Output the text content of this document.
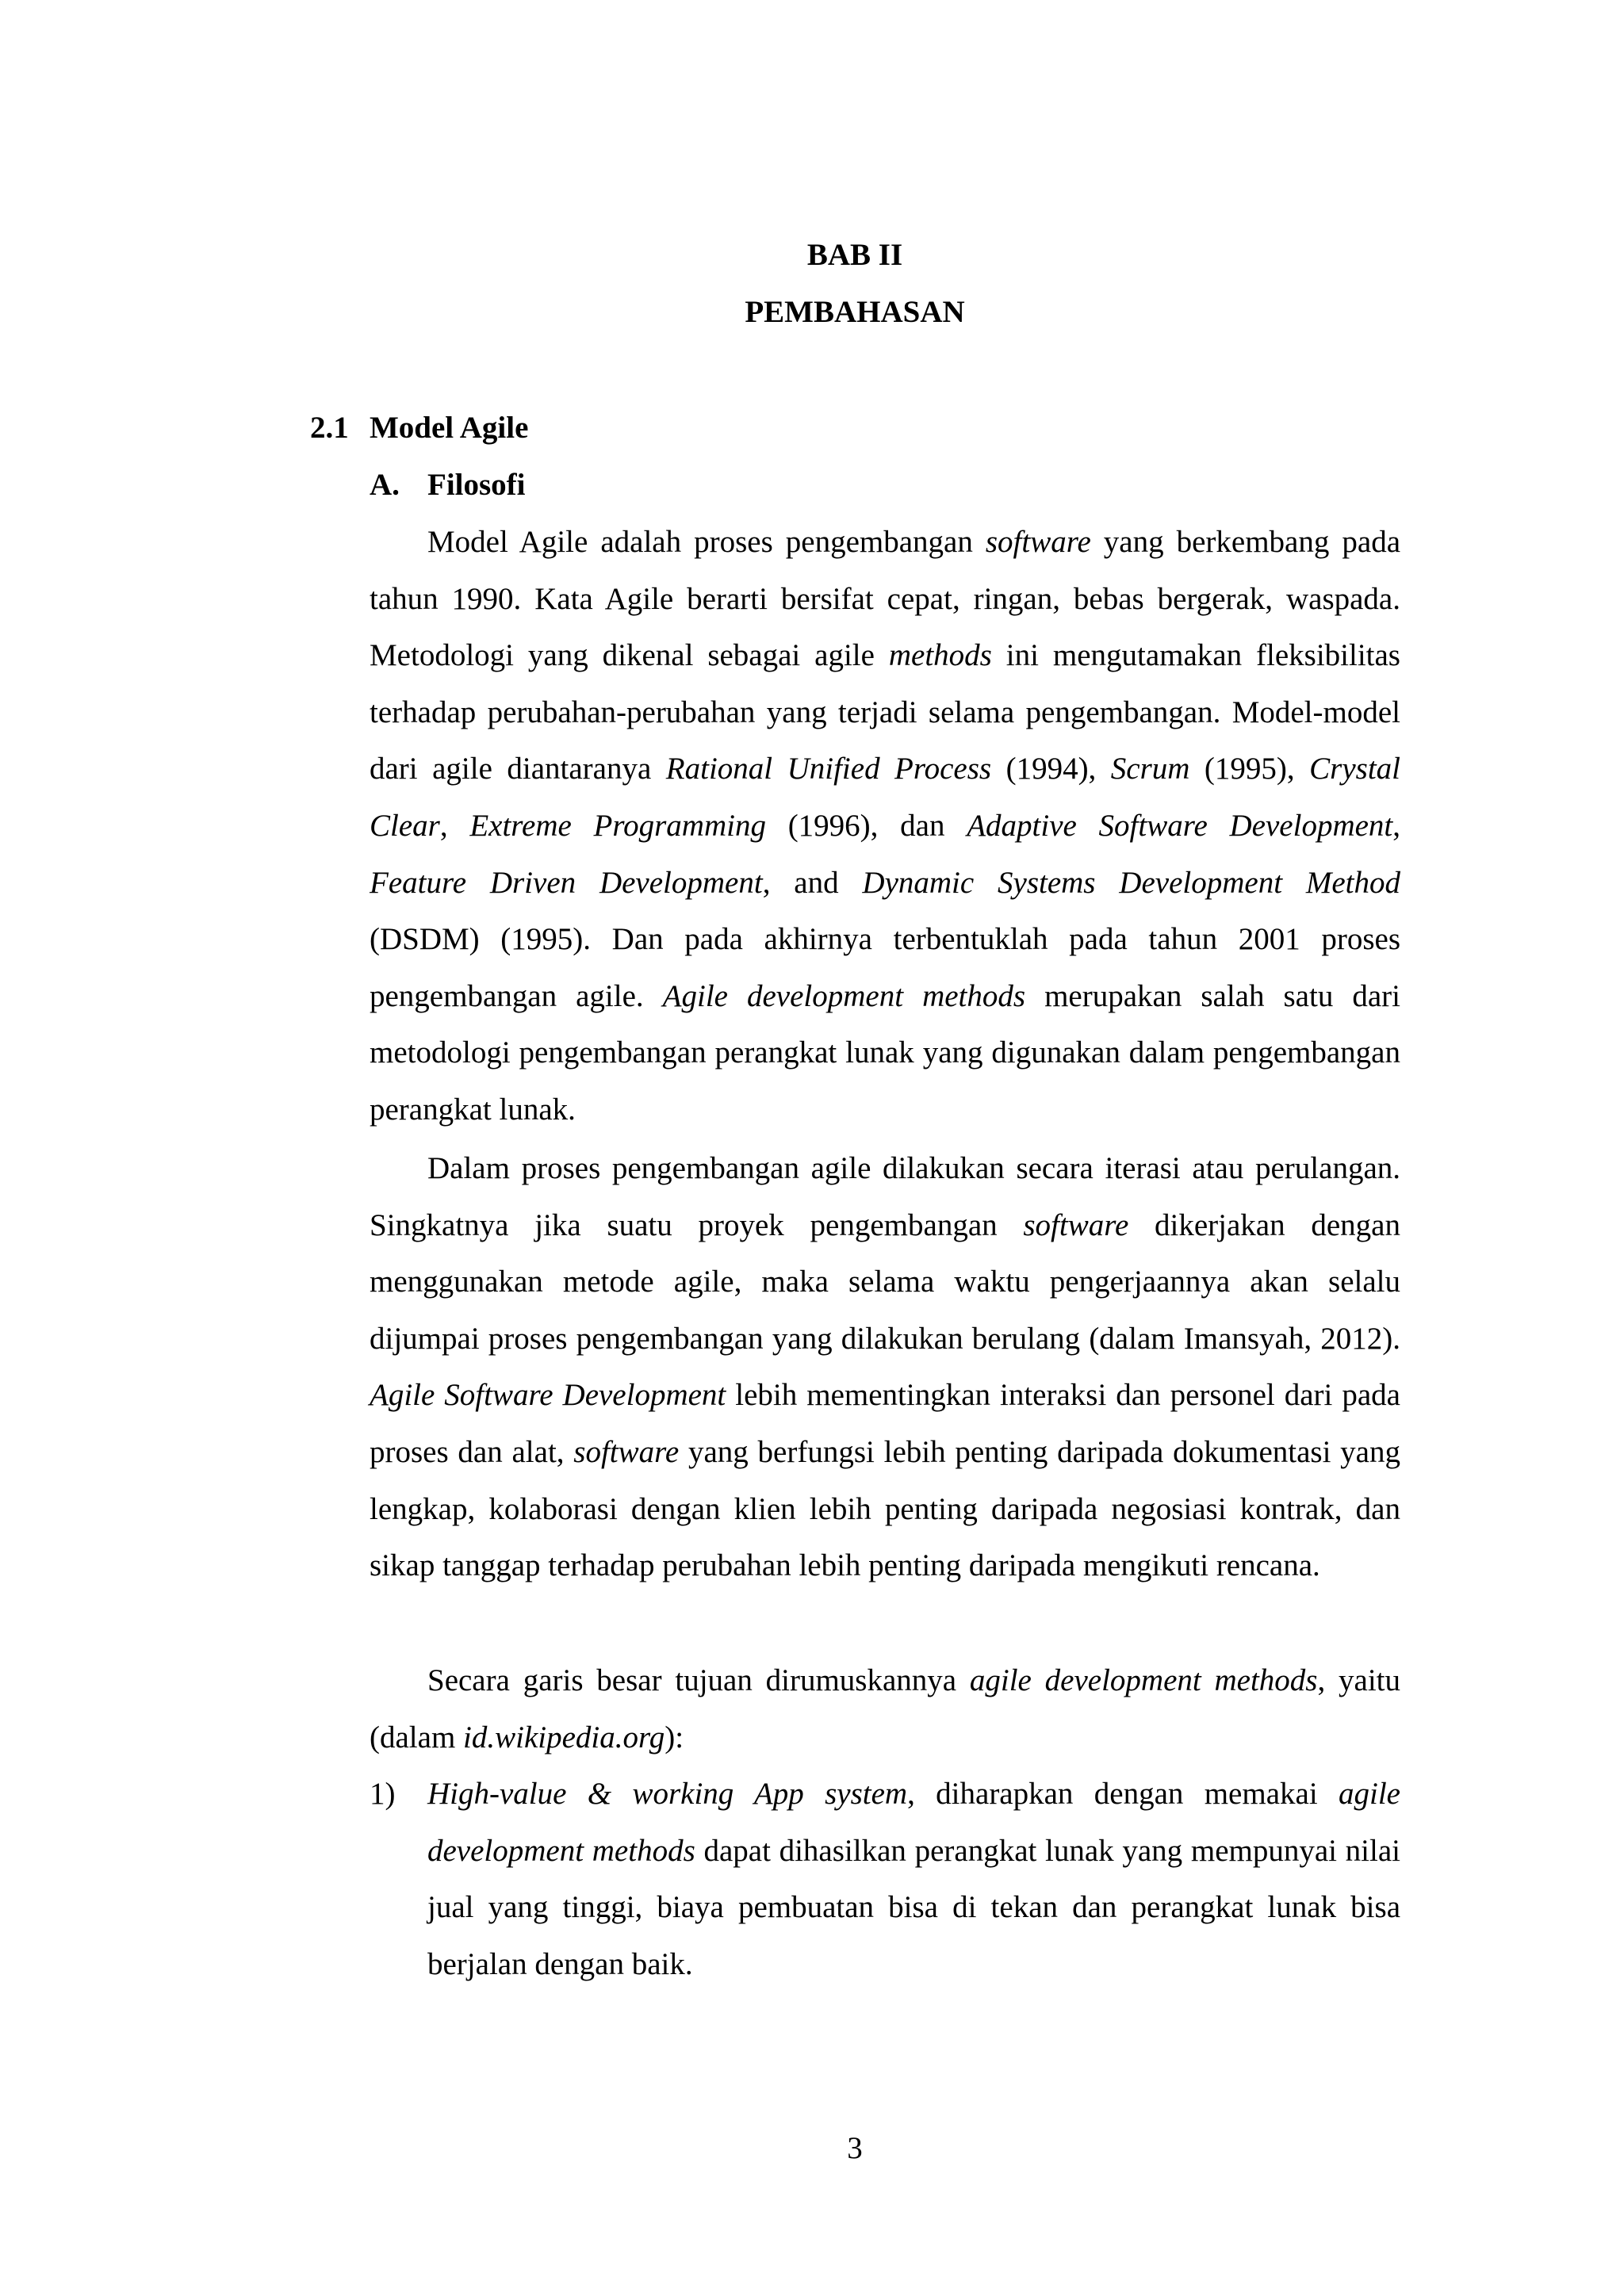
BAB II
PEMBAHASAN
2.1 Model Agile
A. Filosofi
Model Agile adalah proses pengembangan software yang berkembang pada tahun 1990. Kata Agile berarti bersifat cepat, ringan, bebas bergerak, waspada. Metodologi yang dikenal sebagai agile methods ini mengutamakan fleksibilitas terhadap perubahan-perubahan yang terjadi selama pengembangan. Model-model dari agile diantaranya Rational Unified Process (1994), Scrum (1995), Crystal Clear, Extreme Programming (1996), dan Adaptive Software Development, Feature Driven Development, and Dynamic Systems Development Method (DSDM) (1995). Dan pada akhirnya terbentuklah pada tahun 2001 proses pengembangan agile. Agile development methods merupakan salah satu dari metodologi pengembangan perangkat lunak yang digunakan dalam pengembangan perangkat lunak.
Dalam proses pengembangan agile dilakukan secara iterasi atau perulangan. Singkatnya jika suatu proyek pengembangan software dikerjakan dengan menggunakan metode agile, maka selama waktu pengerjaannya akan selalu dijumpai proses pengembangan yang dilakukan berulang (dalam Imansyah, 2012). Agile Software Development lebih mementingkan interaksi dan personel dari pada proses dan alat, software yang berfungsi lebih penting daripada dokumentasi yang lengkap, kolaborasi dengan klien lebih penting daripada negosiasi kontrak, dan sikap tanggap terhadap perubahan lebih penting daripada mengikuti rencana.
Secara garis besar tujuan dirumuskannya agile development methods, yaitu (dalam id.wikipedia.org):
1)	High-value & working App system, diharapkan dengan memakai agile development methods dapat dihasilkan perangkat lunak yang mempunyai nilai jual yang tinggi, biaya pembuatan bisa di tekan dan perangkat lunak bisa berjalan dengan baik.
3
